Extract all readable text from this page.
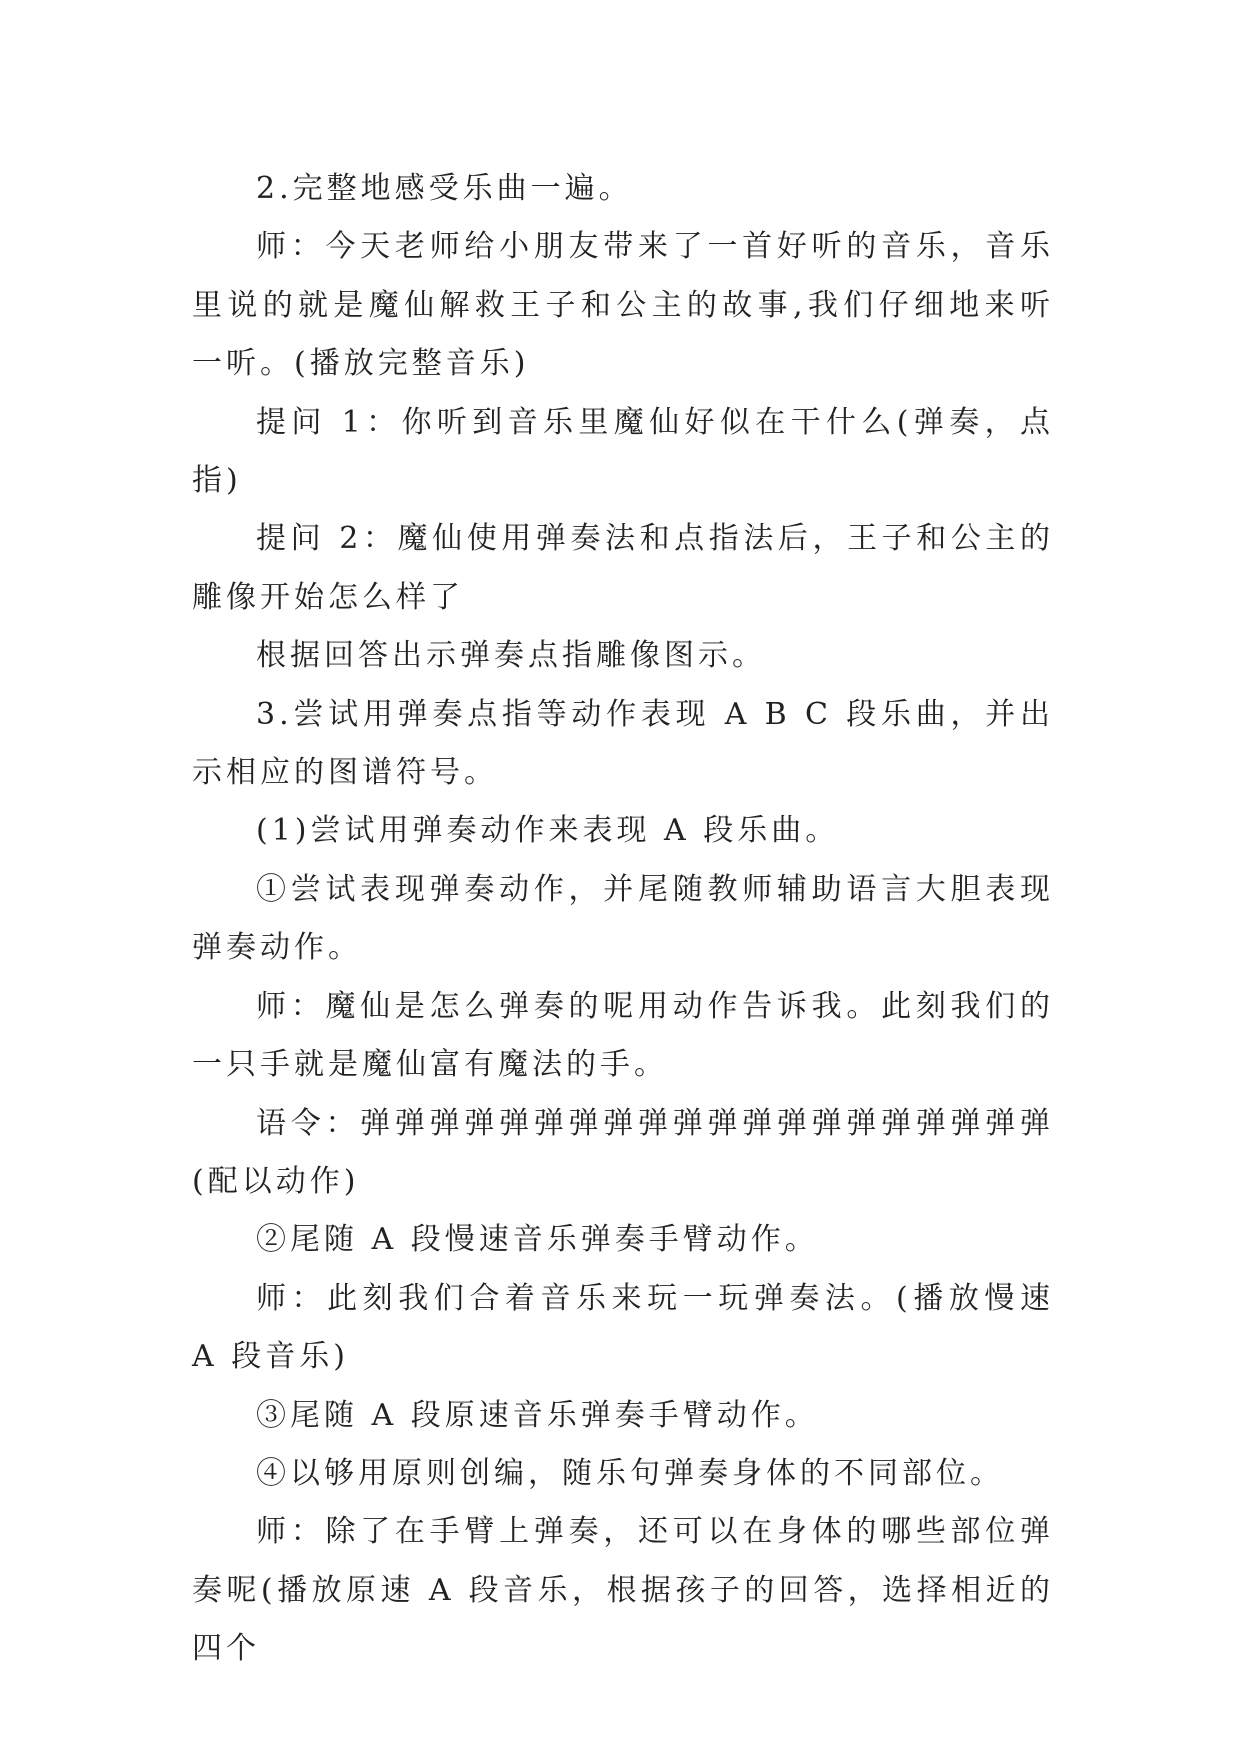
2.完整地感受乐曲一遍。

师：今天老师给小朋友带来了一首好听的音乐，音乐里说的就是魔仙解救王子和公主的故事,我们仔细地来听一听。(播放完整音乐)

提问 1：你听到音乐里魔仙好似在干什么(弹奏，点指)

提问 2：魔仙使用弹奏法和点指法后，王子和公主的雕像开始怎么样了

根据回答出示弹奏点指雕像图示。

3.尝试用弹奏点指等动作表现 A B C 段乐曲，并出示相应的图谱符号。

(1)尝试用弹奏动作来表现 A 段乐曲。

①尝试表现弹奏动作，并尾随教师辅助语言大胆表现弹奏动作。

师：魔仙是怎么弹奏的呢用动作告诉我。此刻我们的一只手就是魔仙富有魔法的手。

语令：弹弹弹弹弹弹弹弹弹弹弹弹弹弹弹弹弹弹弹弹(配以动作)

②尾随 A 段慢速音乐弹奏手臂动作。

师：此刻我们合着音乐来玩一玩弹奏法。(播放慢速 A 段音乐)

③尾随 A 段原速音乐弹奏手臂动作。

④以够用原则创编，随乐句弹奏身体的不同部位。

师：除了在手臂上弹奏，还可以在身体的哪些部位弹奏呢(播放原速 A 段音乐，根据孩子的回答，选择相近的四个
